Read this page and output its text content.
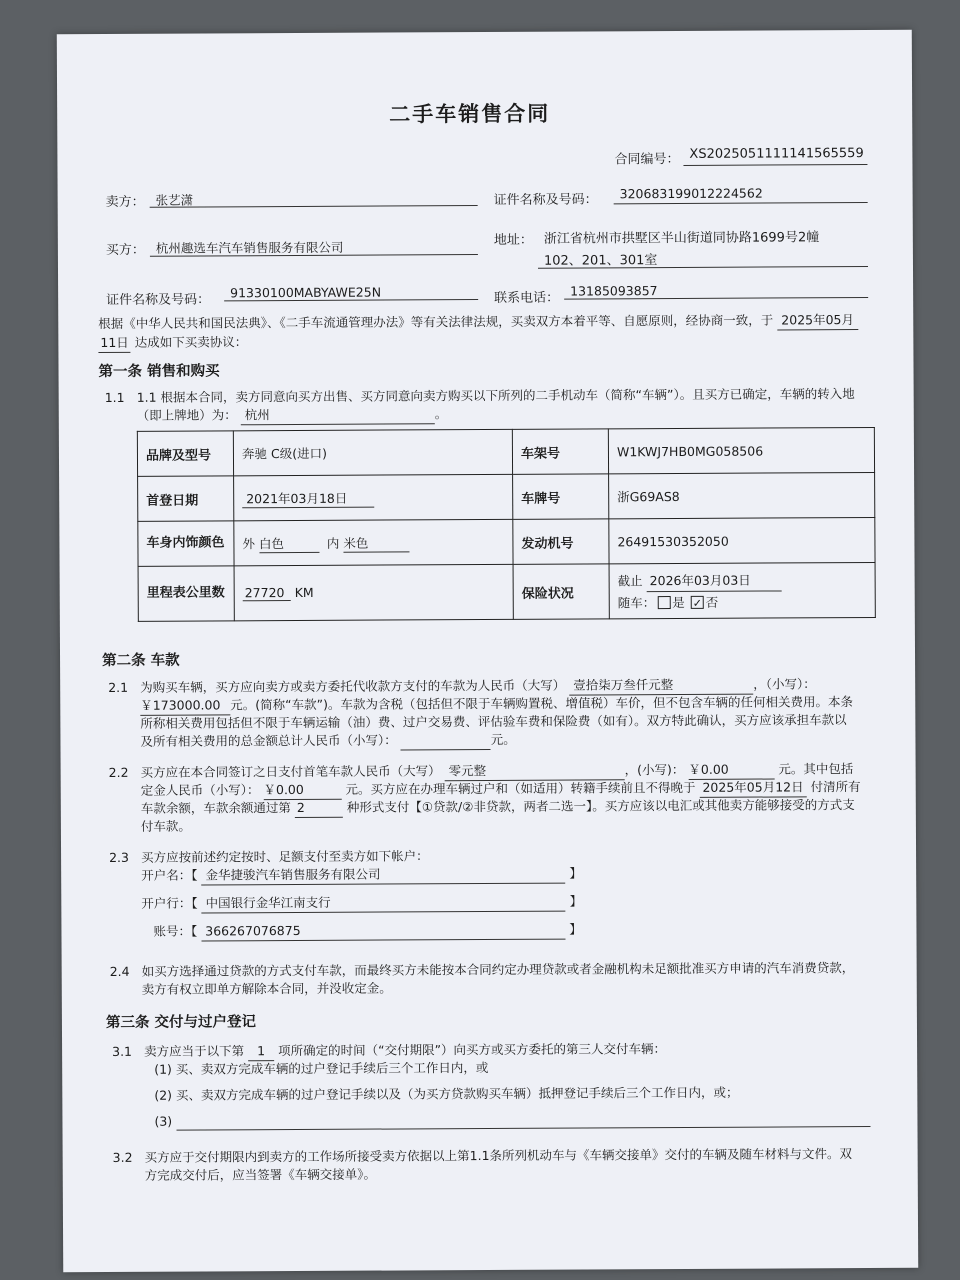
二手车销售合同
合同编号： XS2025051111141565559
卖方： 张艺潇	证件名称及号码： 320683199012224562
买方： 杭州趣选车汽车销售服务有限公司	地址： 浙江省杭州市拱墅区半山街道同协路1699号2幢
102、201、301室
证件名称及号码： 91330100MABYAWE25N	联系电话： 13185093857
根据《中华人民共和国民法典》、《二手车流通管理办法》等有关法律法规，买卖双方本着平等、自愿原则，经协商一致，于 2025年05月
11日 达成如下买卖协议：
第一条 销售和购买
1.1 1.1 根据本合同，卖方同意向买方出售、买方同意向卖方购买以下所列的二手机动车（简称“车辆”）。且买方已确定，车辆的转入地
（即上牌地）为： 杭州	。
品牌及型号	奔驰 C级(进口)	车架号	W1KWJ7HB0MG058506
首登日期	2021年03月18日	车牌号	浙G69AS8
车身内饰颜色	外 白色 内 米色	发动机号	26491530352050
里程表公里数	27720 KM	保险状况	截止 2026年03月03日
随车： 是 ✓ 否
第二条 车款
2.1 为购买车辆，买方应向卖方或卖方委托代收款方支付的车款为人民币（大写） 壹拾柒万叁仟元整	，（小写）：
￥173000.00 元。(简称“车款”)。车款为含税（包括但不限于车辆购置税、增值税）车价，但不包含车辆的任何相关费用。本条
所称相关费用包括但不限于车辆运输（油）费、过户交易费、评估验车费和保险费（如有）。双方特此确认，买方应该承担车款以
及所有相关费用的总金额总计人民币（小写）：	元。
2.2 买方应在本合同签订之日支付首笔车款人民币（大写） 零元整	，(小写)： ￥0.00	元。其中包括
定金人民币（小写）： ￥0.00	元。买方应在办理车辆过户和（如适用）转籍手续前且不得晚于 2025年05月12日 付清所有
车款余额，车款余额通过第 2	种形式支付【①贷款/②非贷款，两者二选一】。买方应该以电汇或其他卖方能够接受的方式支
付车款。
2.3 买方应按前述约定按时、足额支付至卖方如下帐户：
开户名：【 金华捷骏汽车销售服务有限公司	】
开户行：【 中国银行金华江南支行	】
账号：【 366267076875	】
2.4 如买方选择通过贷款的方式支付车款，而最终买方未能按本合同约定办理贷款或者金融机构未足额批准买方申请的汽车消费贷款，
卖方有权立即单方解除本合同，并没收定金。
第三条 交付与过户登记
3.1 卖方应当于以下第 1 项所确定的时间（“交付期限”）向买方或买方委托的第三人交付车辆：
(1) 买、卖双方完成车辆的过户登记手续后三个工作日内，或
(2) 买、卖双方完成车辆的过户登记手续以及（为买方贷款购买车辆）抵押登记手续后三个工作日内，或；
(3)
3.2 买方应于交付期限内到卖方的工作场所接受卖方依据以上第1.1条所列机动车与《车辆交接单》交付的车辆及随车材料与文件。双
方完成交付后，应当签署《车辆交接单》。
